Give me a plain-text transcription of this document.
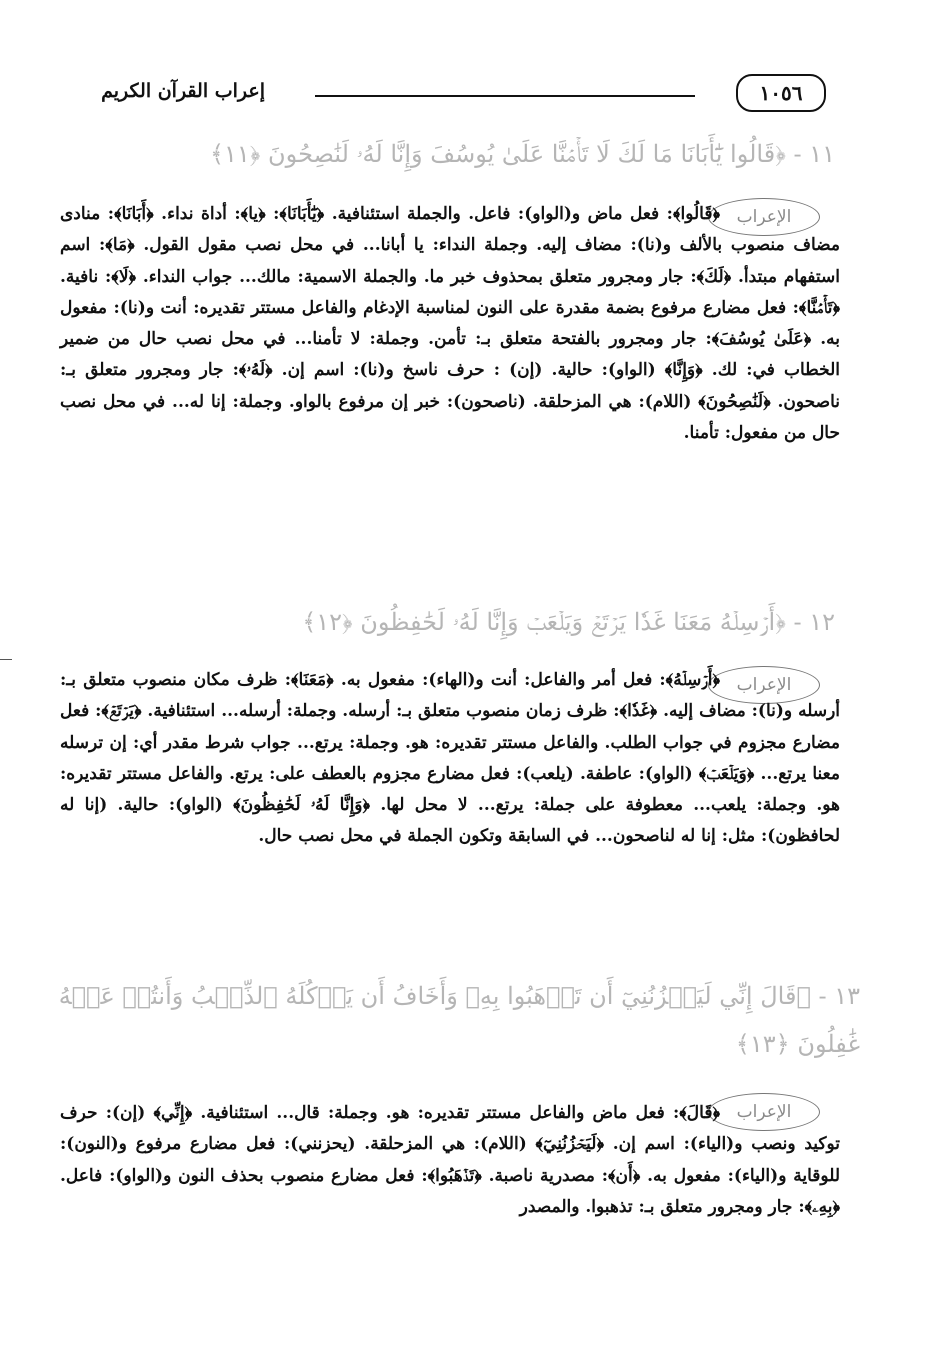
إعراب القرآن الكريم	١٠٥٦
١١ - ﴿قَالُوا يَٰٓأَبَانَا مَا لَكَ لَا تَأۡمَ۬نَّا عَلَىٰ يُوسُفَ وَإِنَّا لَهُۥ لَنَٰصِحُونَ ﴿١١﴾
الإعراب
﴿قَالُوا﴾: فعل ماض و(الواو): فاعل. والجملة استئنافية. ﴿يَٰٓأَبَانَا﴾: ﴿يا﴾: أداة نداء. ﴿أَبَانَا﴾: منادى مضاف منصوب بالألف و(نا): مضاف إليه. وجملة النداء: يا أبانا... في محل نصب مقول القول. ﴿مَا﴾: اسم استفهام مبتدأ. ﴿لَكَ﴾: جار ومجرور متعلق بمحذوف خبر ما. والجملة الاسمية: مالك... جواب النداء. ﴿لَا﴾: نافية. ﴿تَأۡمَ۬نَّا﴾: فعل مضارع مرفوع بضمة مقدرة على النون لمناسبة الإدغام والفاعل مستتر تقديره: أنت و(نا): مفعول به. ﴿عَلَىٰ يُوسُفَ﴾: جار ومجرور بالفتحة متعلق بـ: تأمن. وجملة: لا تأمنا... في محل نصب حال من ضمير الخطاب في: لك. ﴿وَإِنَّا﴾ (الواو): حالية. (إن) : حرف ناسخ و(نا): اسم إن. ﴿لَهُۥ﴾: جار ومجرور متعلق بـ: ناصحون. ﴿لَنَٰصِحُونَ﴾ (اللام): هي المزحلقة. (ناصحون): خبر إن مرفوع بالواو. وجملة: إنا له... في محل نصب حال من مفعول: تأمنا.
١٢ - ﴿أَرۡسِلۡهُ مَعَنَا غَدٗا يَرۡتَعۡ وَيَلۡعَبۡ وَإِنَّا لَهُۥ لَحَٰفِظُونَ ﴿١٢﴾
الإعراب
﴿أَرۡسِلۡهُ﴾: فعل أمر والفاعل: أنت و(الهاء): مفعول به. ﴿مَعَنَا﴾: ظرف مكان منصوب متعلق بـ: أرسله و(نا): مضاف إليه. ﴿غَدٗا﴾: ظرف زمان منصوب متعلق بـ: أرسله. وجملة: أرسله... استئنافية. ﴿يَرۡتَعۡ﴾: فعل مضارع مجزوم في جواب الطلب. والفاعل مستتر تقديره: هو. وجملة: يرتع... جواب شرط مقدر أي: إن ترسله معنا يرتع... ﴿وَيَلۡعَبۡ﴾ (الواو): عاطفة. (يلعب): فعل مضارع مجزوم بالعطف على: يرتع. والفاعل مستتر تقديره: هو. وجملة: يلعب... معطوفة على جملة: يرتع... لا محل لها. ﴿وَإِنَّا لَهُۥ لَحَٰفِظُونَ﴾ (الواو): حالية. (إنا له لحافظون): مثل: إنا له لناصحون... في السابقة وتكون الجملة في محل نصب حال.
١٣ - ﴿قَالَ إِنِّي لَيَحۡزُنُنِيٓ أَن تَذۡهَبُوا بِهِۦ وَأَخَافُ أَن يَأۡكُلَهُ ٱلذِّئۡبُ وَأَنتُمۡ عَنۡهُ
غَٰفِلُونَ ﴿١٣﴾
الإعراب
﴿قَالَ﴾: فعل ماض والفاعل مستتر تقديره: هو. وجملة: قال... استئنافية. ﴿إِنِّي﴾ (إن): حرف توكيد ونصب و(الياء): اسم إن. ﴿لَيَحۡزُنُنِيٓ﴾ (اللام): هي المزحلقة. (يحزنني): فعل مضارع مرفوع و(النون): للوقاية و(الياء): مفعول به. ﴿أَن﴾: مصدرية ناصبة. ﴿تَذۡهَبُوا﴾: فعل مضارع منصوب بحذف النون و(الواو): فاعل. ﴿بِهِۦ﴾: جار ومجرور متعلق بـ: تذهبوا. والمصدر
